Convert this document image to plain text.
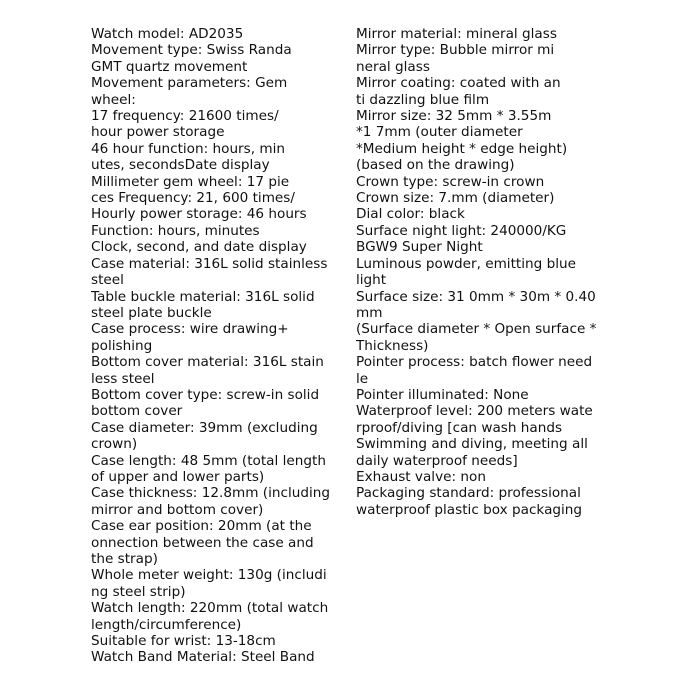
Watch model: AD2035
Movement type: Swiss Randa
GMT quartz movement
Movement parameters: Gem
wheel:
17 frequency: 21600 times/
hour power storage
46 hour function: hours, min
utes, secondsDate display
Millimeter gem wheel: 17 pie
ces Frequency: 21, 600 times/
Hourly power storage: 46 hours
Function: hours, minutes
Clock, second, and date display
Case material: 316L solid stainless
steel
Table buckle material: 316L solid
steel plate buckle
Case process: wire drawing+
polishing
Bottom cover material: 316L stain
less steel
Bottom cover type: screw-in solid
bottom cover
Case diameter: 39mm (excluding
crown)
Case length: 48 5mm (total length
of upper and lower parts)
Case thickness: 12.8mm (including
mirror and bottom cover)
Case ear position: 20mm (at the
onnection between the case and
the strap)
Whole meter weight: 130g (includi
ng steel strip)
Watch length: 220mm (total watch
length/circumference)
Suitable for wrist: 13-18cm
Watch Band Material: Steel Band
Mirror material: mineral glass
Mirror type: Bubble mirror mi
neral glass
Mirror coating: coated with an
ti dazzling blue film
Mirror size: 32 5mm * 3.55m
*1 7mm (outer diameter
*Medium height * edge height)
(based on the drawing)
Crown type: screw-in crown
Crown size: 7.mm (diameter)
Dial color: black
Surface night light: 240000/KG
BGW9 Super Night
Luminous powder, emitting blue
light
Surface size: 31 0mm * 30m * 0.40
mm
(Surface diameter * Open surface *
Thickness)
Pointer process: batch flower need
le
Pointer illuminated: None
Waterproof level: 200 meters wate
rproof/diving [can wash hands
Swimming and diving, meeting all
daily waterproof needs]
Exhaust valve: non
Packaging standard: professional
waterproof plastic box packaging
